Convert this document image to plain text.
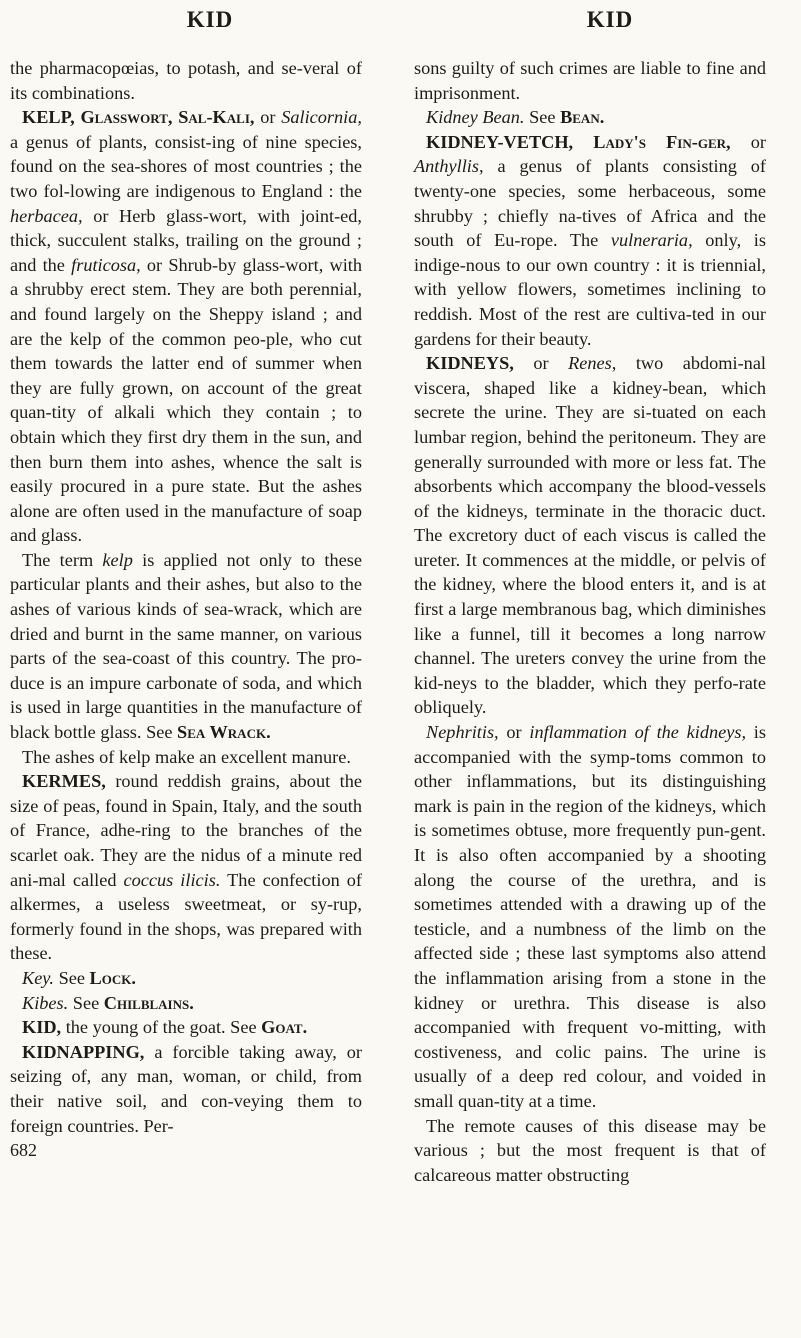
KID	KID

the pharmacopœias, to potash, and se-veral of its combinations.

KELP, Glasswort, Sal-Kali, or Salicornia, a genus of plants, consist-ing of nine species, found on the sea-shores of most countries ; the two fol-lowing are indigenous to England : the herbacea, or Herb glass-wort, with joint-ed, thick, succulent stalks, trailing on the ground ; and the fruticosa, or Shrub-by glass-wort, with a shrubby erect stem. They are both perennial, and found largely on the Sheppy island ; and are the kelp of the common peo-ple, who cut them towards the latter end of summer when they are fully grown, on account of the great quan-tity of alkali which they contain ; to obtain which they first dry them in the sun, and then burn them into ashes, whence the salt is easily procured in a pure state. But the ashes alone are often used in the manufacture of soap and glass.

The term kelp is applied not only to these particular plants and their ashes, but also to the ashes of various kinds of sea-wrack, which are dried and burnt in the same manner, on various parts of the sea-coast of this country. The pro-duce is an impure carbonate of soda, and which is used in large quantities in the manufacture of black bottle glass. See Sea Wrack.

The ashes of kelp make an excellent manure.

KERMES, round reddish grains, about the size of peas, found in Spain, Italy, and the south of France, adhe-ring to the branches of the scarlet oak. They are the nidus of a minute red ani-mal called coccus ilicis. The confection of alkermes, a useless sweetmeat, or sy-rup, formerly found in the shops, was prepared with these.

Key. See Lock.

Kibes. See Chilblains.

KID, the young of the goat. See Goat.

KIDNAPPING, a forcible taking away, or seizing of, any man, woman, or child, from their native soil, and con-veying them to foreign countries. Per-

682

sons guilty of such crimes are liable to fine and imprisonment.

Kidney Bean. See Bean.

KIDNEY-VETCH, Lady's Fin-ger, or Anthyllis, a genus of plants consisting of twenty-one species, some herbaceous, some shrubby ; chiefly na-tives of Africa and the south of Eu-rope. The vulneraria, only, is indige-nous to our own country : it is triennial, with yellow flowers, sometimes inclining to reddish. Most of the rest are cultiva-ted in our gardens for their beauty.

KIDNEYS, or Renes, two abdomi-nal viscera, shaped like a kidney-bean, which secrete the urine. They are si-tuated on each lumbar region, behind the peritoneum. They are generally surrounded with more or less fat. The absorbents which accompany the blood-vessels of the kidneys, terminate in the thoracic duct. The excretory duct of each viscus is called the ureter. It commences at the middle, or pelvis of the kidney, where the blood enters it, and is at first a large membranous bag, which diminishes like a funnel, till it becomes a long narrow channel. The ureters convey the urine from the kid-neys to the bladder, which they perfo-rate obliquely.

Nephritis, or inflammation of the kidneys, is accompanied with the symp-toms common to other inflammations, but its distinguishing mark is pain in the region of the kidneys, which is sometimes obtuse, more frequently pun-gent. It is also often accompanied by a shooting along the course of the urethra, and is sometimes attended with a drawing up of the testicle, and a numbness of the limb on the affected side ; these last symptoms also attend the inflammation arising from a stone in the kidney or urethra. This disease is also accompanied with frequent vo-mitting, with costiveness, and colic pains. The urine is usually of a deep red colour, and voided in small quan-tity at a time.

The remote causes of this disease may be various ; but the most frequent is that of calcareous matter obstructing
